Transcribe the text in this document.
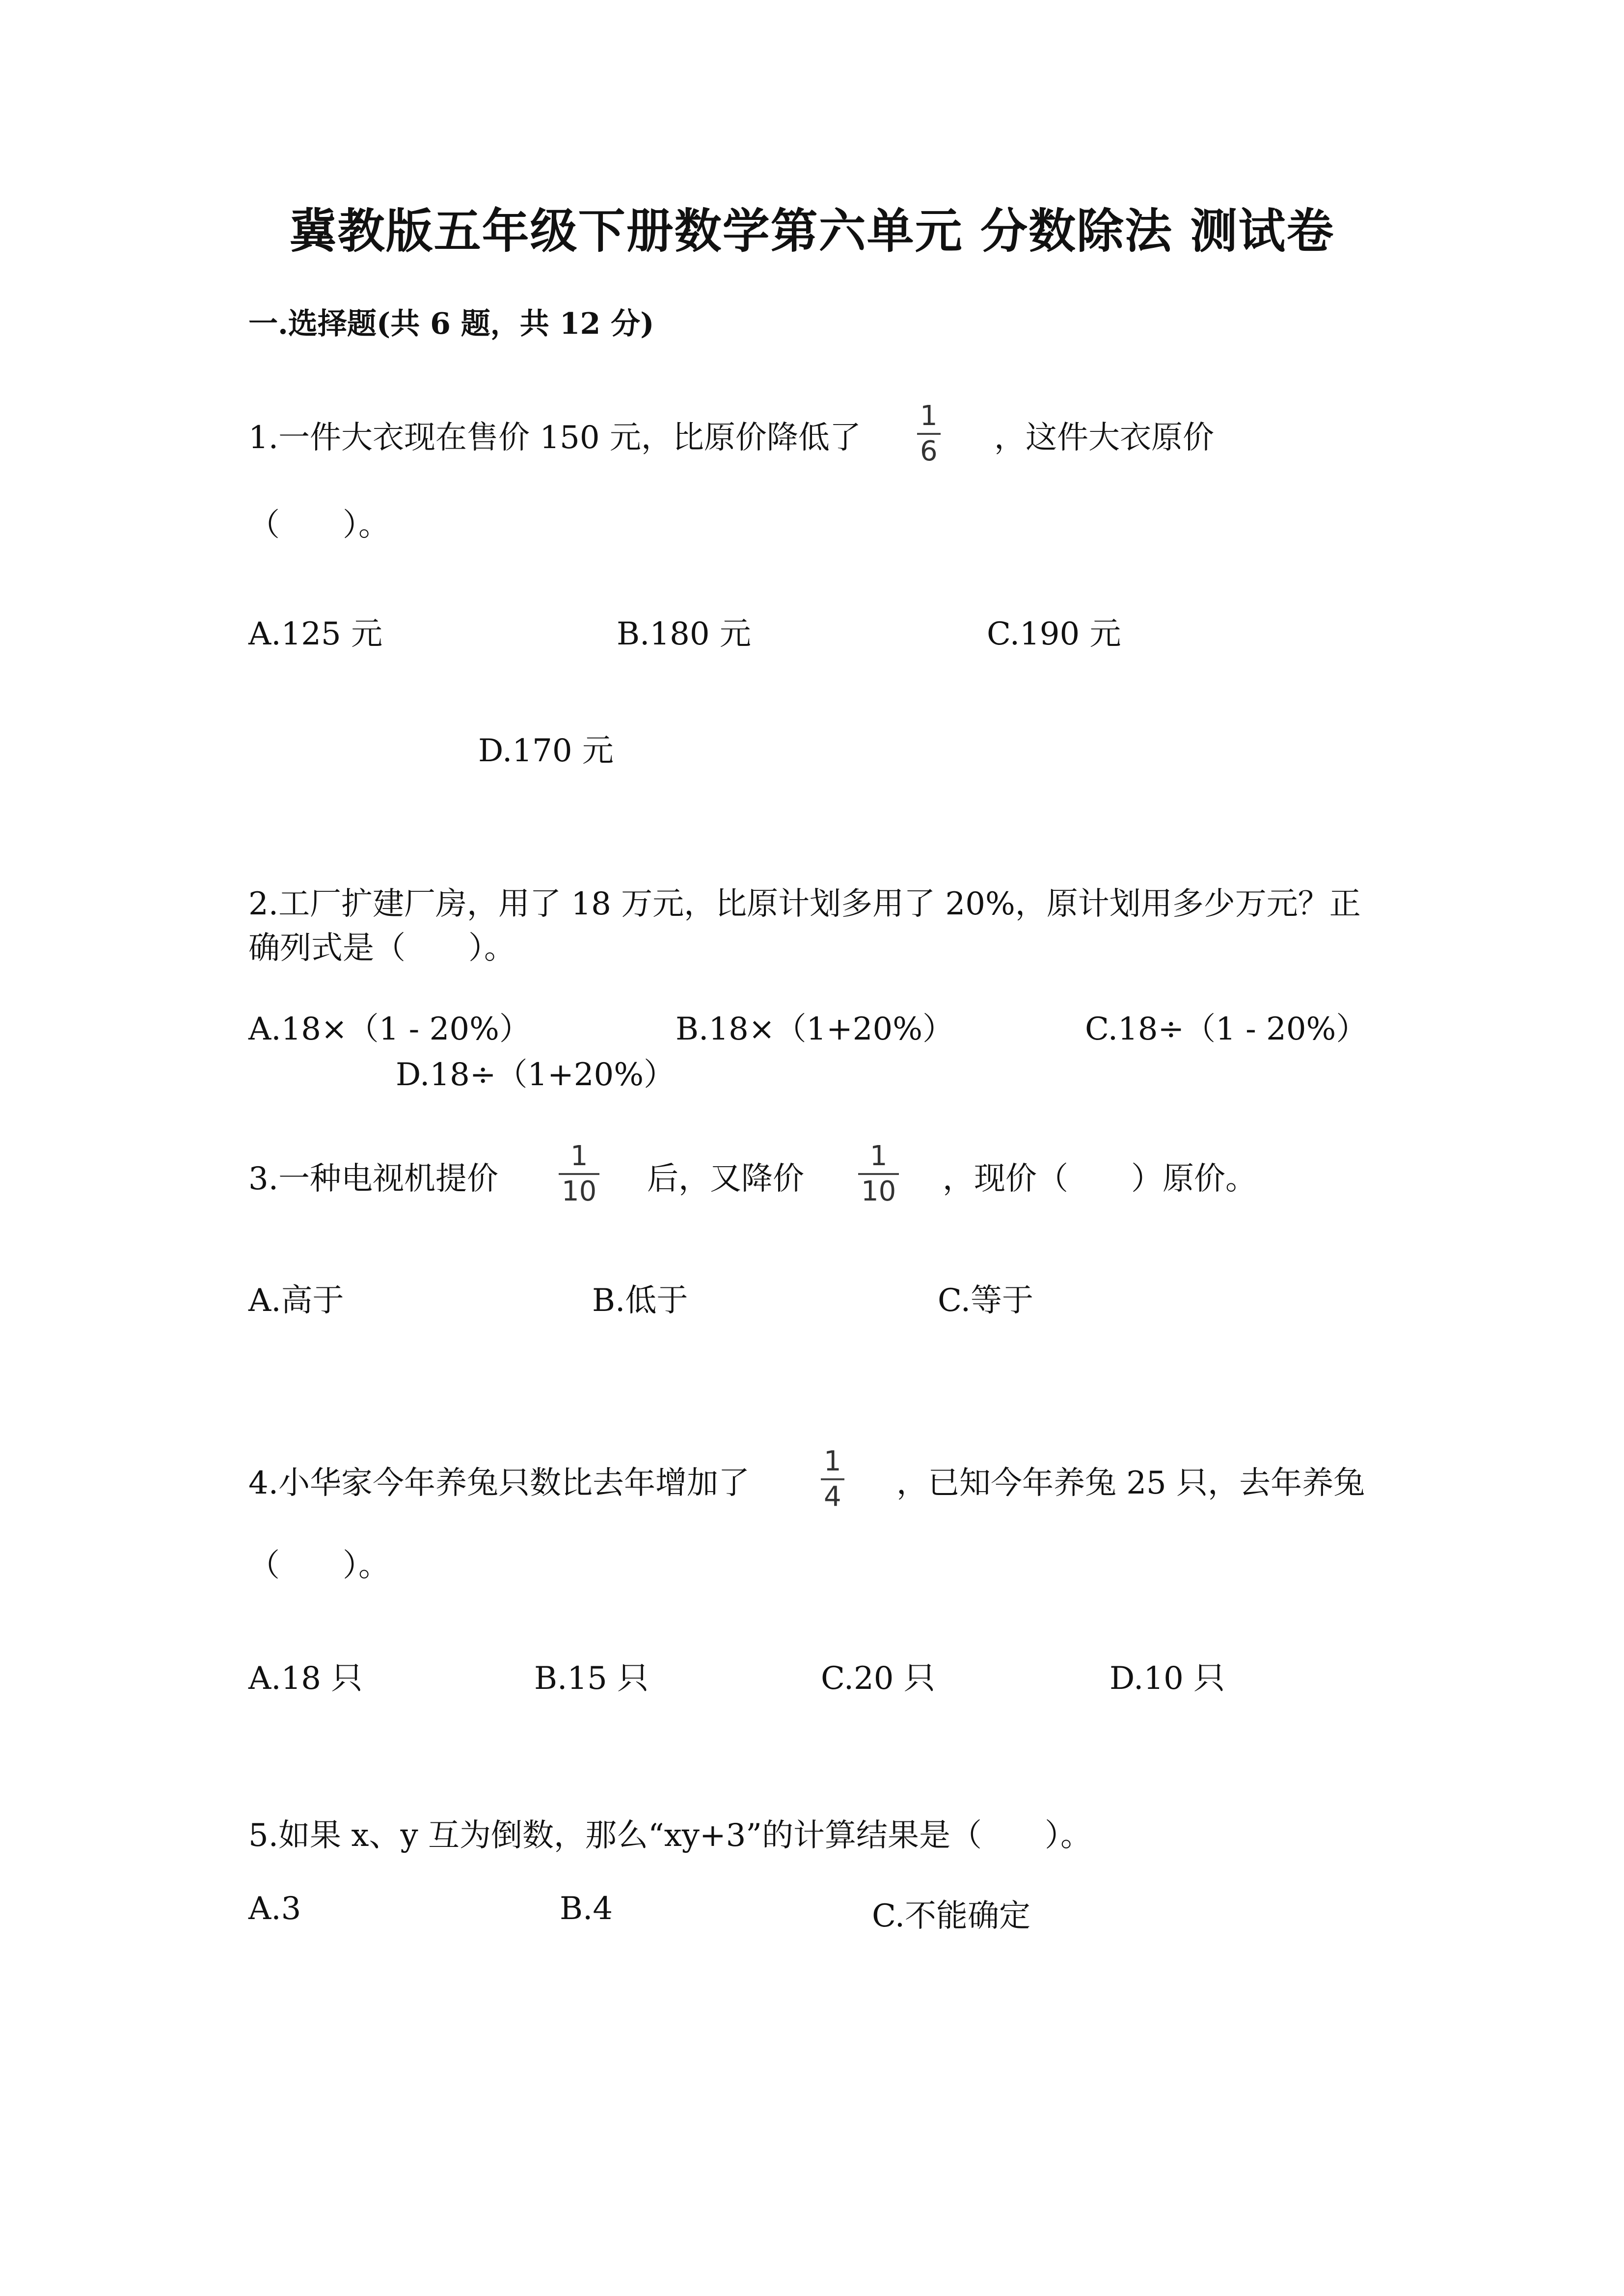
冀教版五年级下册数学第六单元 分数除法 测试卷
一.选择题(共 6 题，共 12 分)
1.一件大衣现在售价 150 元，比原价降低了
1
6 ，这件大衣原价
（　　）。
A.125 元	B.180 元	C.190 元
D.170 元
2.工厂扩建厂房，用了 18 万元，比原计划多用了 20%，原计划用多少万元？正
确列式是（　　）。
A.18×（1 - 20%）	B.18×（1+20%）	C.18÷（1 - 20%）
D.18÷（1+20%）
3.一种电视机提价
1
10 后，又降价
1
10 ，现价（　　）原价。
A.高于	B.低于	C.等于
4.小华家今年养兔只数比去年增加了
1
4 ，已知今年养兔 25 只，去年养兔
（　　）。
A.18 只	B.15 只	C.20 只	D.10 只
5.如果 x、y 互为倒数，那么“xy+3”的计算结果是（　　）。
A.3	B.4	C.不能确定
